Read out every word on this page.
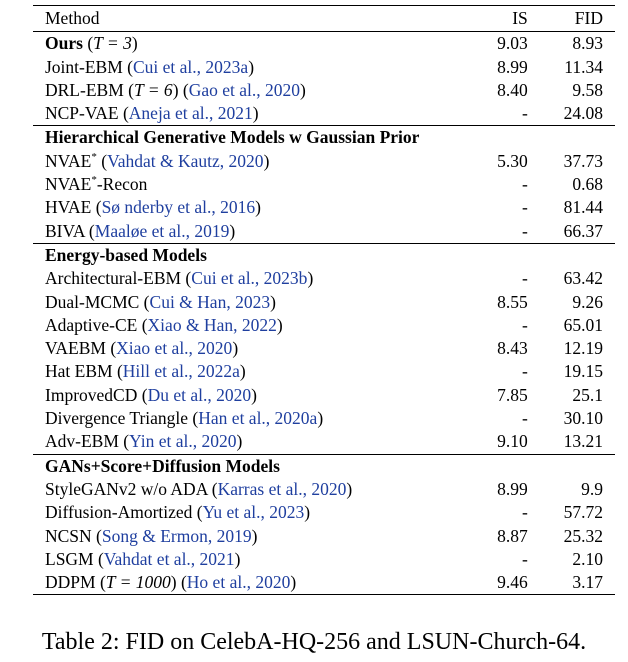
Method	IS	FID
Ours (T = 3)	9.03	8.93
Joint-EBM (Cui et al., 2023a)	8.99	11.34
DRL-EBM (T = 6) (Gao et al., 2020)	8.40	9.58
NCP-VAE (Aneja et al., 2021)	-	24.08
Hierarchical Generative Models w Gaussian Prior		
NVAE* (Vahdat & Kautz, 2020)	5.30	37.73
NVAE*-Recon	-	0.68
HVAE (Sø nderby et al., 2016)	-	81.44
BIVA (Maaløe et al., 2019)	-	66.37
Energy-based Models		
Architectural-EBM (Cui et al., 2023b)	-	63.42
Dual-MCMC (Cui & Han, 2023)	8.55	9.26
Adaptive-CE (Xiao & Han, 2022)	-	65.01
VAEBM (Xiao et al., 2020)	8.43	12.19
Hat EBM (Hill et al., 2022a)	-	19.15
ImprovedCD (Du et al., 2020)	7.85	25.1
Divergence Triangle (Han et al., 2020a)	-	30.10
Adv-EBM (Yin et al., 2020)	9.10	13.21
GANs+Score+Diffusion Models		
StyleGANv2 w/o ADA (Karras et al., 2020)	8.99	9.9
Diffusion-Amortized (Yu et al., 2023)	-	57.72
NCSN (Song & Ermon, 2019)	8.87	25.32
LSGM (Vahdat et al., 2021)	-	2.10
DDPM (T = 1000) (Ho et al., 2020)	9.46	3.17
Table 2: FID on CelebA-HQ-256 and LSUN-Church-64.
